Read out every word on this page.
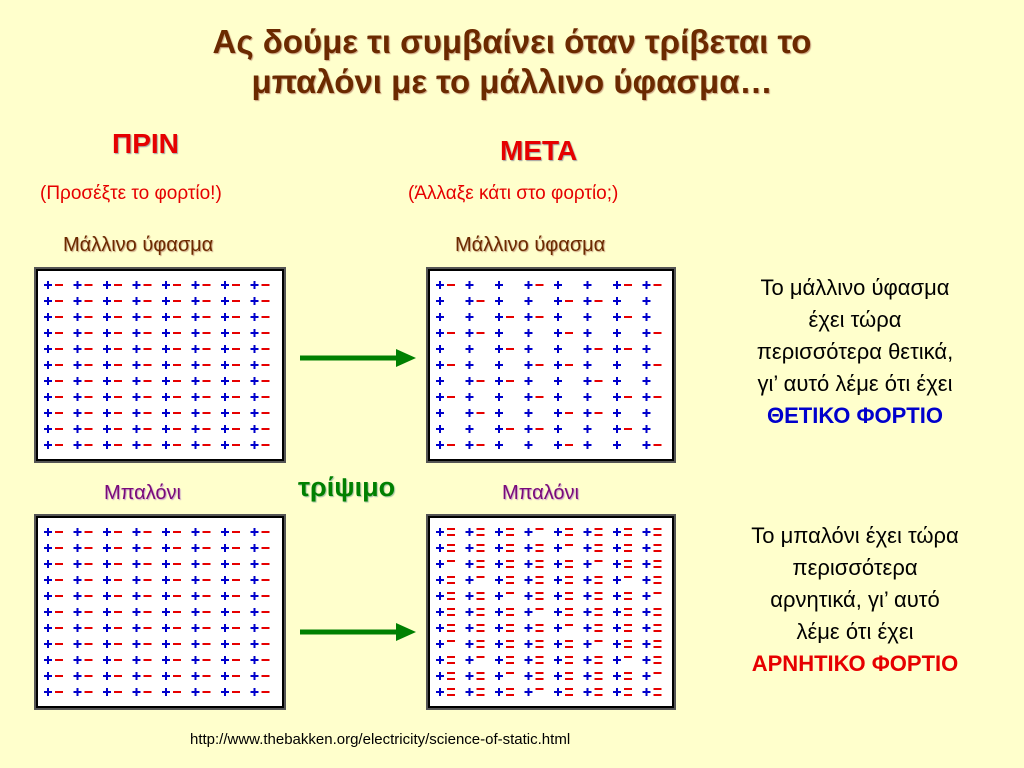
Ας δούμε τι συμβαίνει όταν τρίβεται το
μπαλόνι με το μάλλινο ύφασμα…
ΠΡΙΝ	ΜΕΤΑ
(Προσέξτε το φορτίο!)	(Άλλαξε κάτι στο φορτίο;)
Μάλλινο ύφασμα	Μάλλινο ύφασμα
Το μάλλινο ύφασμα
έχει τώρα
περισσότερα θετικά,
γι’ αυτό λέμε ότι έχει
ΘΕΤΙΚΟ ΦΟΡΤΙΟ
τρίψιμο
Μπαλόνι	Μπαλόνι
Το μπαλόνι έχει τώρα
περισσότερα
αρνητικά, γι’ αυτό
λέμε ότι έχει
ΑΡΝΗΤΙΚΟ ΦΟΡΤΙΟ
http://www.thebakken.org/electricity/science-of-static.html
